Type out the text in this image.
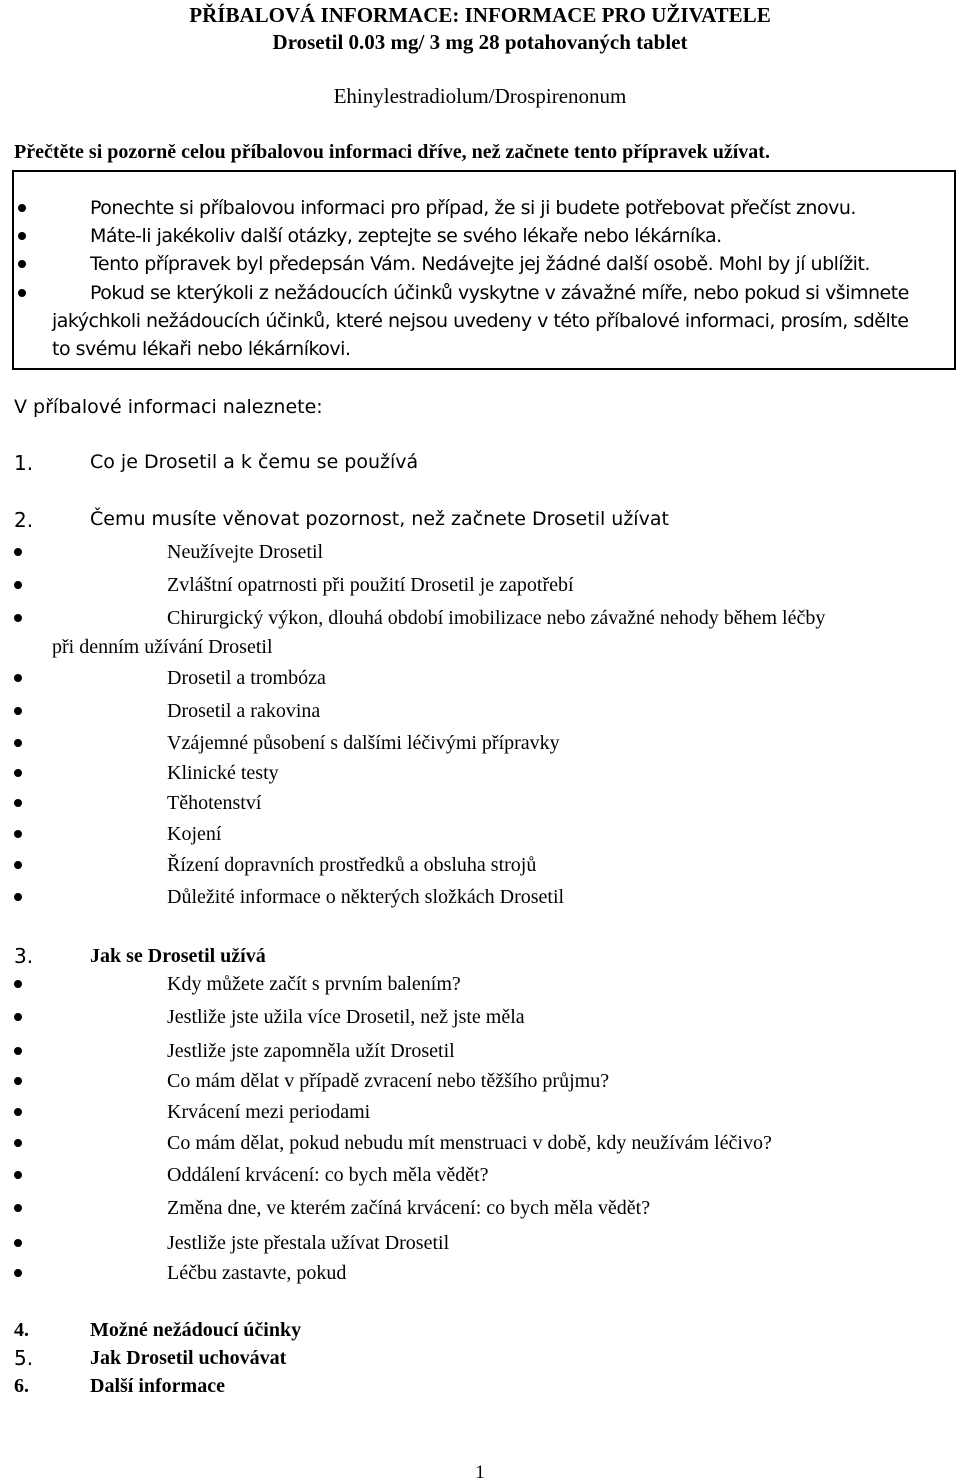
PŘÍBALOVÁ INFORMACE: INFORMACE PRO UŽIVATELE
Drosetil 0.03 mg/ 3 mg 28 potahovaných tablet
Ehinylestradiolum/Drospirenonum
Přečtěte si pozorně celou příbalovou informaci dříve, než začnete tento přípravek užívat.
Ponechte si příbalovou informaci pro případ, že si ji budete potřebovat přečíst znovu.
Máte-li jakékoliv další otázky, zeptejte se svého lékaře nebo lékárníka.
Tento přípravek byl předepsán Vám. Nedávejte jej žádné další osobě. Mohl by jí ublížit.
Pokud se kterýkoli z nežádoucích účinků vyskytne v závažné míře, nebo pokud si všimnete
jakýchkoli nežádoucích účinků, které nejsou uvedeny v této příbalové informaci, prosím, sdělte
to svému lékaři nebo lékárníkovi.
V příbalové informaci naleznete:
1.	Co je Drosetil a k čemu se používá
2.	Čemu musíte věnovat pozornost, než začnete Drosetil užívat
Neužívejte Drosetil
Zvláštní opatrnosti při použití Drosetil je zapotřebí
Chirurgický výkon, dlouhá období imobilizace nebo závažné nehody během léčby
při denním užívání Drosetil
Drosetil a trombóza
Drosetil a rakovina
Vzájemné působení s dalšími léčivými přípravky
Klinické testy
Těhotenství
Kojení
Řízení dopravních prostředků a obsluha strojů
Důležité informace o některých složkách Drosetil
3.	Jak se Drosetil užívá
Kdy můžete začít s prvním balením?
Jestliže jste užila více Drosetil, než jste měla
Jestliže jste zapomněla užít Drosetil
Co mám dělat v případě zvracení nebo těžšího průjmu?
Krvácení mezi periodami
Co mám dělat, pokud nebudu mít menstruaci v době, kdy neužívám léčivo?
Oddálení krvácení: co bych měla vědět?
Změna dne, ve kterém začíná krvácení: co bych měla vědět?
Jestliže jste přestala užívat Drosetil
Léčbu zastavte, pokud
4.	Možné nežádoucí účinky
5.	Jak Drosetil uchovávat
6.	Další informace
1
